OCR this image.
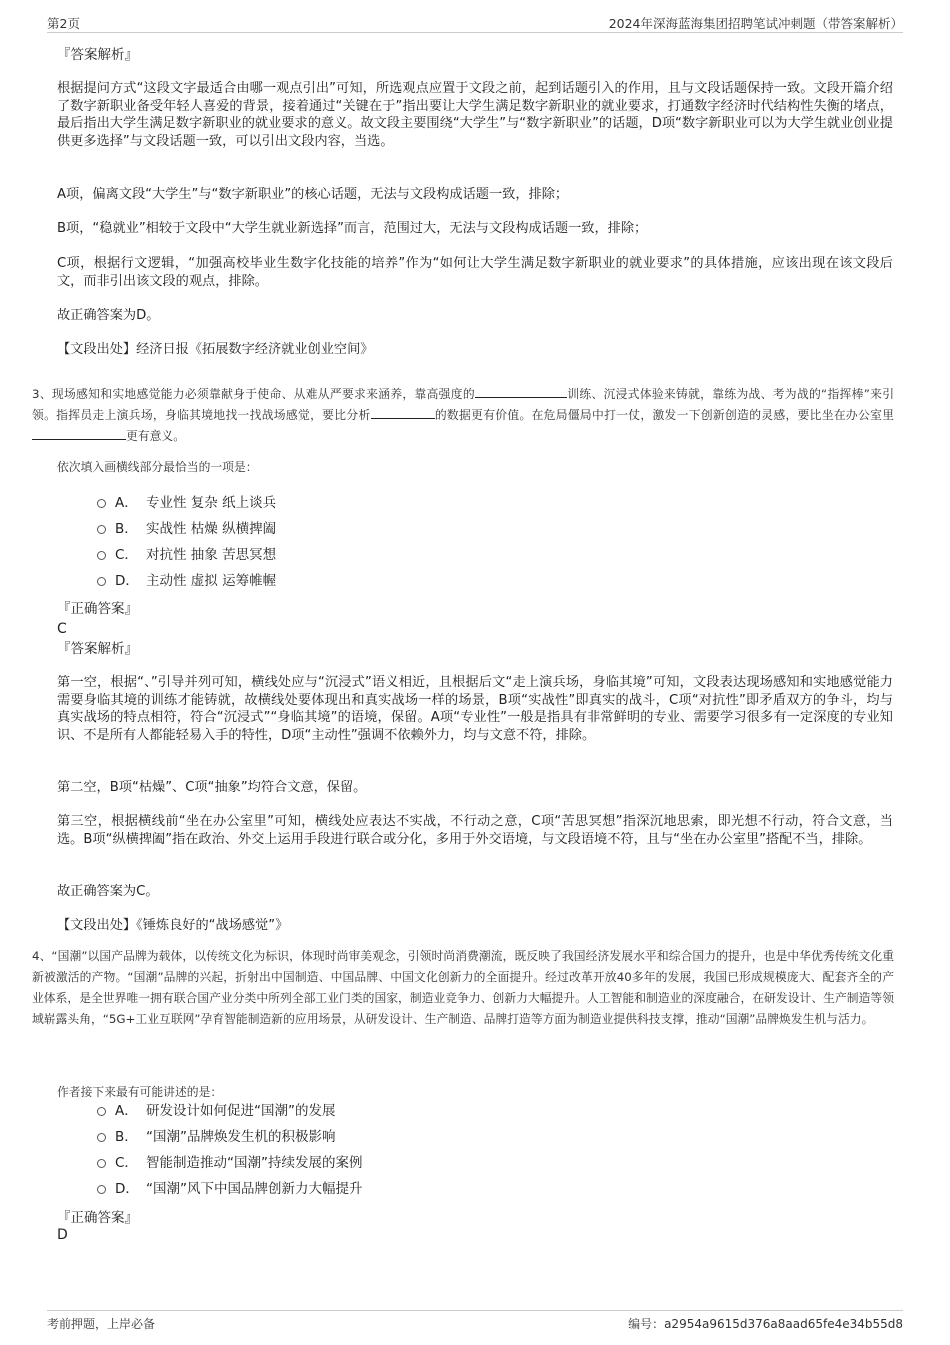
第2页	2024年深海蓝海集团招聘笔试冲刺题（带答案解析）
『答案解析』

根据提问方式“这段文字最适合由哪一观点引出”可知，所选观点应置于文段之前，起到话题引入的作用，且与文段话题保持一致。文段开篇介绍了数字新职业备受年轻人喜爱的背景，接着通过“关键在于”指出要让大学生满足数字新职业的就业要求，打通数字经济时代结构性失衡的堵点，最后指出大学生满足数字新职业的就业要求的意义。故文段主要围绕“大学生”与“数字新职业”的话题，D项“数字新职业可以为大学生就业创业提供更多选择”与文段话题一致，可以引出文段内容，当选。

A项，偏离文段“大学生”与“数字新职业”的核心话题，无法与文段构成话题一致，排除；

B项，“稳就业”相较于文段中“大学生就业新选择”而言，范围过大，无法与文段构成话题一致，排除；

C项，根据行文逻辑，“加强高校毕业生数字化技能的培养”作为“如何让大学生满足数字新职业的就业要求”的具体措施，应该出现在该文段后文，而非引出该文段的观点，排除。

故正确答案为D。

【文段出处】经济日报《拓展数字经济就业创业空间》

3、现场感知和实地感觉能力必须靠献身于使命、从难从严要求来涵养，靠高强度的	训练、沉浸式体验来铸就，靠练为战、考为战的“指挥棒”来引领。指挥员走上演兵场，身临其境地找一找战场感觉，要比分析	的数据更有价值。在危局僵局中打一仗，激发一下创新创造的灵感，要比坐在办公室里更有意义。
依次填入画横线部分最恰当的一项是：
A． 专业性 复杂 纸上谈兵
B． 实战性 枯燥 纵横捭阖
C． 对抗性 抽象 苦思冥想
D． 主动性 虚拟 运筹帷幄
『正确答案』
C
『答案解析』

第一空，根据“、”引导并列可知，横线处应与“沉浸式”语义相近，且根据后文“走上演兵场，身临其境”可知，文段表达现场感知和实地感觉能力需要身临其境的训练才能铸就，故横线处要体现出和真实战场一样的场景，B项“实战性”即真实的战斗，C项“对抗性”即矛盾双方的争斗，均与真实战场的特点相符，符合“沉浸式”“身临其境”的语境，保留。A项“专业性”一般是指具有非常鲜明的专业、需要学习很多有一定深度的专业知识、不是所有人都能轻易入手的特性，D项“主动性”强调不依赖外力，均与文意不符，排除。

第二空，B项“枯燥”、C项“抽象”均符合文意，保留。

第三空，根据横线前“坐在办公室里”可知，横线处应表达不实战，不行动之意，C项“苦思冥想”指深沉地思索，即光想不行动，符合文意，当选。B项“纵横捭阖”指在政治、外交上运用手段进行联合或分化，多用于外交语境，与文段语境不符，且与“坐在办公室里”搭配不当，排除。

故正确答案为C。

【文段出处】《锤炼良好的“战场感觉”》

4、“国潮”以国产品牌为载体，以传统文化为标识，体现时尚审美观念，引领时尚消费潮流，既反映了我国经济发展水平和综合国力的提升，也是中华优秀传统文化重新被激活的产物。“国潮”品牌的兴起，折射出中国制造、中国品牌、中国文化创新力的全面提升。经过改革开放40多年的发展，我国已形成规模庞大、配套齐全的产业体系，是全世界唯一拥有联合国产业分类中所列全部工业门类的国家，制造业竞争力、创新力大幅提升。人工智能和制造业的深度融合，在研发设计、生产制造等领域崭露头角，“5G+工业互联网”孕育智能制造新的应用场景，从研发设计、生产制造、品牌打造等方面为制造业提供科技支撑，推动“国潮”品牌焕发生机与活力。

作者接下来最有可能讲述的是：
A． 研发设计如何促进“国潮”的发展
B． “国潮”品牌焕发生机的积极影响
C． 智能制造推动“国潮”持续发展的案例
D． “国潮”风下中国品牌创新力大幅提升
『正确答案』
D
考前押题，上岸必备	编号：a2954a9615d376a8aad65fe4e34b55d8
